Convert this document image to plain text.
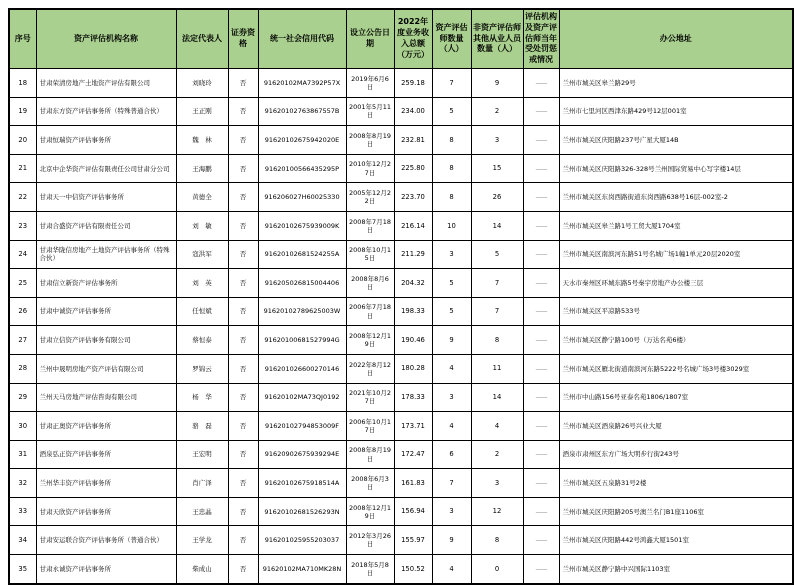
序号	资产评估机构名称	法定代表人	证券资格	统一社会信用代码	设立公告日期	2022年度业务收入总额（万元）	资产评估师数量（人）	非资产评估师其他从业人员数量（人）	评估机构及资产评估师当年受处罚惩戒情况	办公地址
18	甘肃荣清房地产土地资产评估有限公司	刘晓玲	否	91620102MA7392P57X	2019年6月6日	259.18	7	9	——	兰州市城关区皋兰路29号
19	甘肃东方资产评估事务所（特殊普通合伙）	王正刚	否	91620102763867557B	2001年5月11日	234.00	5	2	——	兰州市七里河区西津东路429号12层001室
20	甘肃恒瑞资产评估事务所	魏　林	否	91620102675942020E	2008年8月19日	232.81	8	3	——	兰州市城关区庆阳路237号广星大厦14B
21	北京中企华资产评估有限责任公司甘肃分公司	王海鹏	否	91620100566435295P	2010年12月27日	225.80	8	15	——	兰州市城关区庆阳路326-328号兰州国际贸易中心写字楼14层
22	甘肃天一中信资产评估事务所	黄德全	否	916206027H60025330	2005年12月22日	223.70	8	26	——	兰州市城关区东岗西路街道东岗西路638号16层-002室-2
23	甘肃合盛资产评估有限责任公司	刘　敏	否	91620102675939009K	2008年7月18日	216.14	10	14	——	兰州市城关区皋兰路1号工贸大厦1704室
24	甘肃华陇信房地产土地资产评估事务所（特殊合伙）	寇洪军	否	91620102681524255A	2008年10月15日	211.29	3	5	——	兰州市城关区南滨河东路51号名城广场1幢1单元20层2020室
25	甘肃信立新资产评估事务所	刘　英	否	916205026815004406	2008年8月6日	204.32	5	7	——	天水市秦州区环城东路5号秦宇房地产办公楼三层
26	甘肃中诚资产评估事务所	任恒斌	否	91620102789625003W	2006年7月18日	198.33	5	7	——	兰州市城关区平凉路533号
27	甘肃立信资产评估事务有限公司	蔡恒泰	否	91620100681527994G	2008年12月19日	190.46	9	8	——	兰州市城关区静宁路100号（万达名苑6楼）
28	兰州中晟明房地产资产评估有限公司	罗锦云	否	916201026600270146	2022年8月12日	180.28	4	11	——	兰州市城关区雁北街道南滨河东路5222号名城广场3号楼3029室
29	兰州天马房地产评估咨询有限公司	杨　华	否	91620102MA73QJ0192	2021年10月27日	178.33	3	14	——	兰州市中山路156号亚泰名苑1806/1807室
30	甘肃正奥资产评估事务所	骆　磊	否	91620102794853009F	2006年10月17日	173.71	4	4	——	兰州市城关区酒泉路26号兴业大厦
31	酒泉弘正资产评估事务所	王宏明	否	91620902675939294E	2008年8月19日	172.47	6	2	——	酒泉市肃州区东方广场大明步行街243号
32	兰州华丰资产评估事务所	肖广泽	否	91620102675918514A	2008年6月3日	161.83	7	3	——	兰州市城关区五泉路31号2楼
33	甘肃天欣资产评估事务所	王忠晶	否	91620102681526293N	2008年12月19日	156.94	3	12	——	兰州市城关区庆阳路205号澳兰名门B1座1106室
34	甘肃安运联合资产评估事务所（普通合伙）	王学龙	否	916201025955203037	2012年3月26日	155.97	9	8	——	兰州市城关区庆阳路442号鸿鑫大厦1501室
35	甘肃永诚资产评估事务所	柴成山	否	91620102MA710MK28N	2018年5月8日	150.52	4	0	——	兰州市城关区静宁路中兴国际1103室
